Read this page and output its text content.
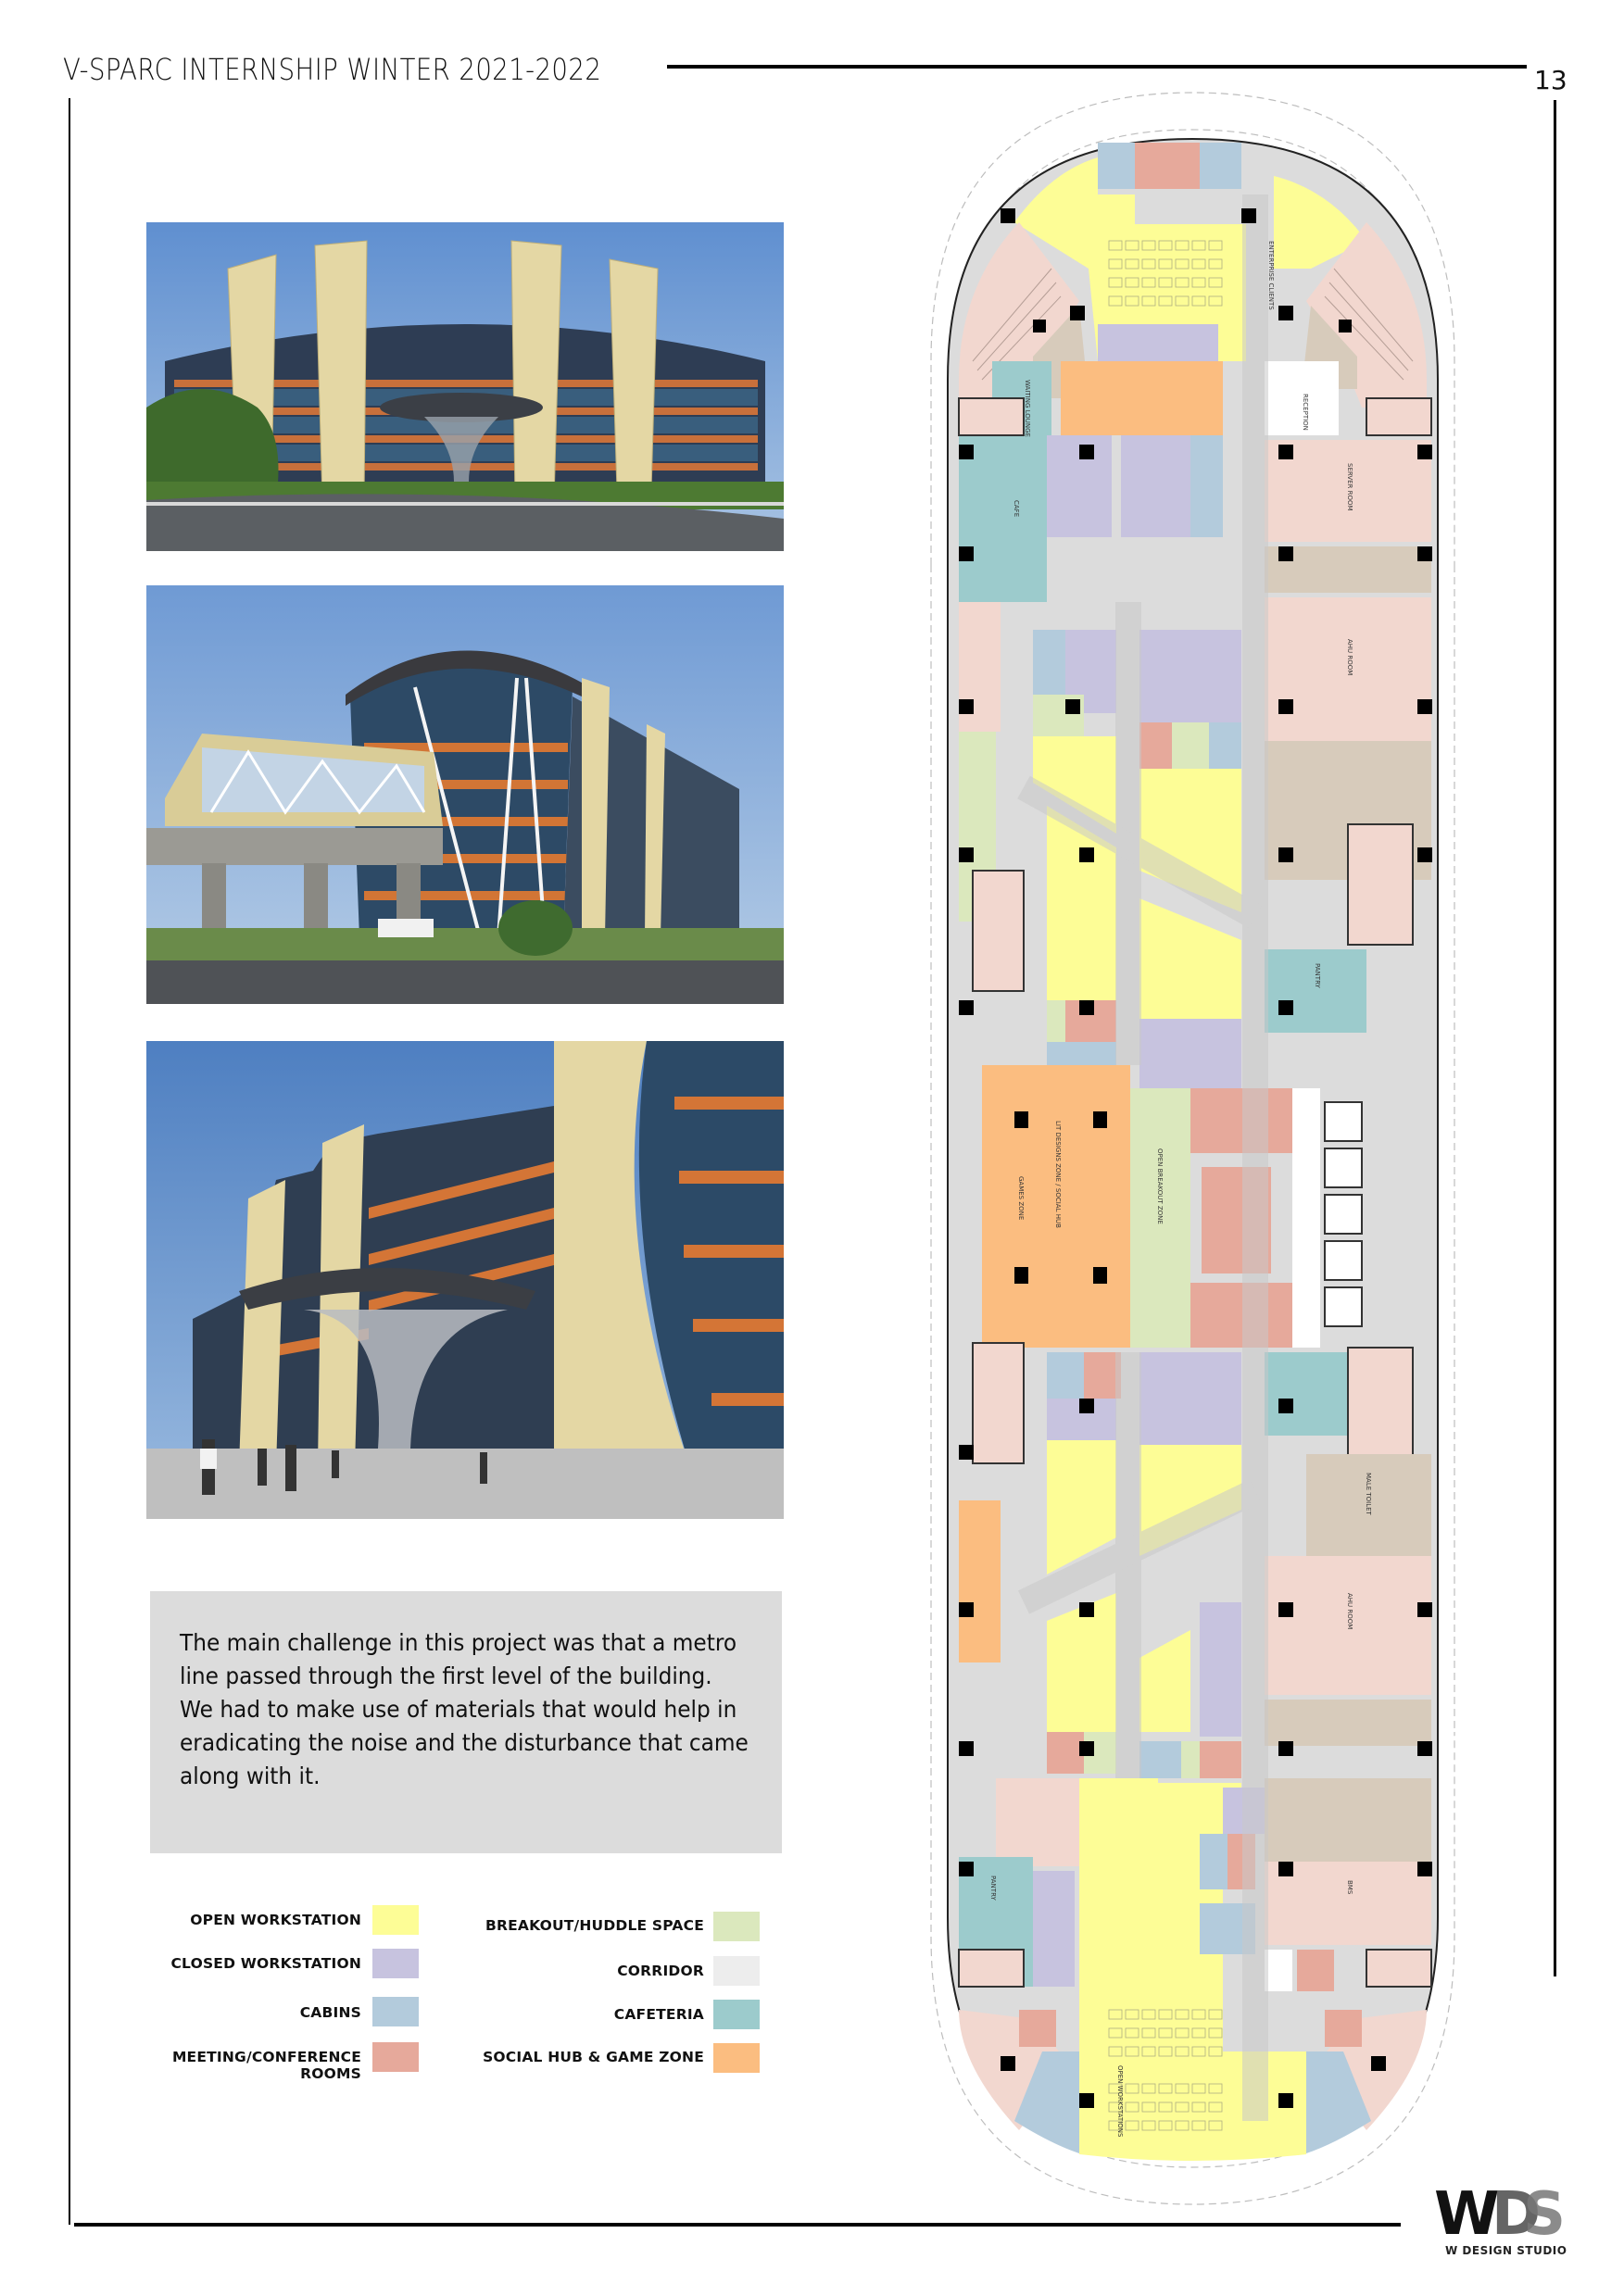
V-SPARC INTERNSHIP WINTER 2021-2022	13

The main challenge in this project was that a metro line passed through the first level of the building.

We had to make use of materials that would help in eradicating the noise and the disturbance that came along with it.

OPEN WORKSTATION
CLOSED WORKSTATION
CABINS
MEETING/CONFERENCE ROOMS
BREAKOUT/HUDDLE SPACE
CORRIDOR
CAFETERIA
SOCIAL HUB & GAME ZONE
RECEPTION
WAITING LOUNGE
CAFE	SERVER ROOM
AHU ROOM
LIT DESIGNS ZONE / SOCIAL HUB
GAMES ZONE	OPEN BREAKOUT ZONE
PANTRY
MALE TOILET
AHU ROOM
BMS
PANTRY
OPEN WORKSTATIONS
ENTERPRISE CLIENTS
W
D
S
W DESIGN STUDIO
